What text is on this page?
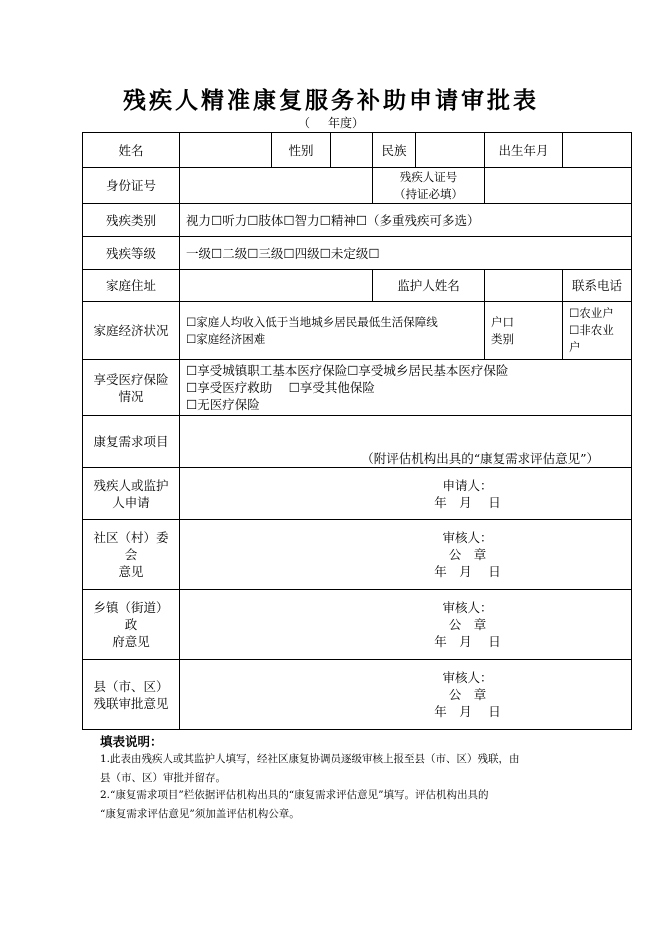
残疾人精准康复服务补助申请审批表
（ 年度）
姓名		性别		民族		出生年月	
身份证号				残疾人证号
（持证必填）			

残疾类别	视力☐听力☐肢体☐智力☐精神☐（多重残疾可多选）						
残疾等级	一级☐二级☐三级☐四级☐未定级☐						
家庭住址				监护人姓名			联系电话
家庭经济状况	☐家庭人均收入低于当地城乡居民最低生活保障线
☐家庭经济困难					户口
类别	☐农业户
☐非农业户

享受医疗保险
情况	☐享受城镇职工基本医疗保险☐享受城乡居民基本医疗保险
☐享受医疗救助　 ☐享受其他保险
☐无医疗保险						

康复需求项目	（附评估机构出具的“康复需求评估意见”）						

残疾人或监护
人申请	申请人：
年　月　 日						

社区（村）委会
意见	审核人：
公　章
年　月　 日						

乡镇（街道）政
府意见	审核人：
公　章
年　月　 日						

县（市、区）
残联审批意见	审核人：
公　章
年　月　 日						
填表说明：
1.此表由残疾人或其监护人填写，经社区康复协调员逐级审核上报至县（市、区）残联，由
县（市、区）审批并留存。
2.“康复需求项目”栏依据评估机构出具的“康复需求评估意见”填写。评估机构出具的
“康复需求评估意见”须加盖评估机构公章。
